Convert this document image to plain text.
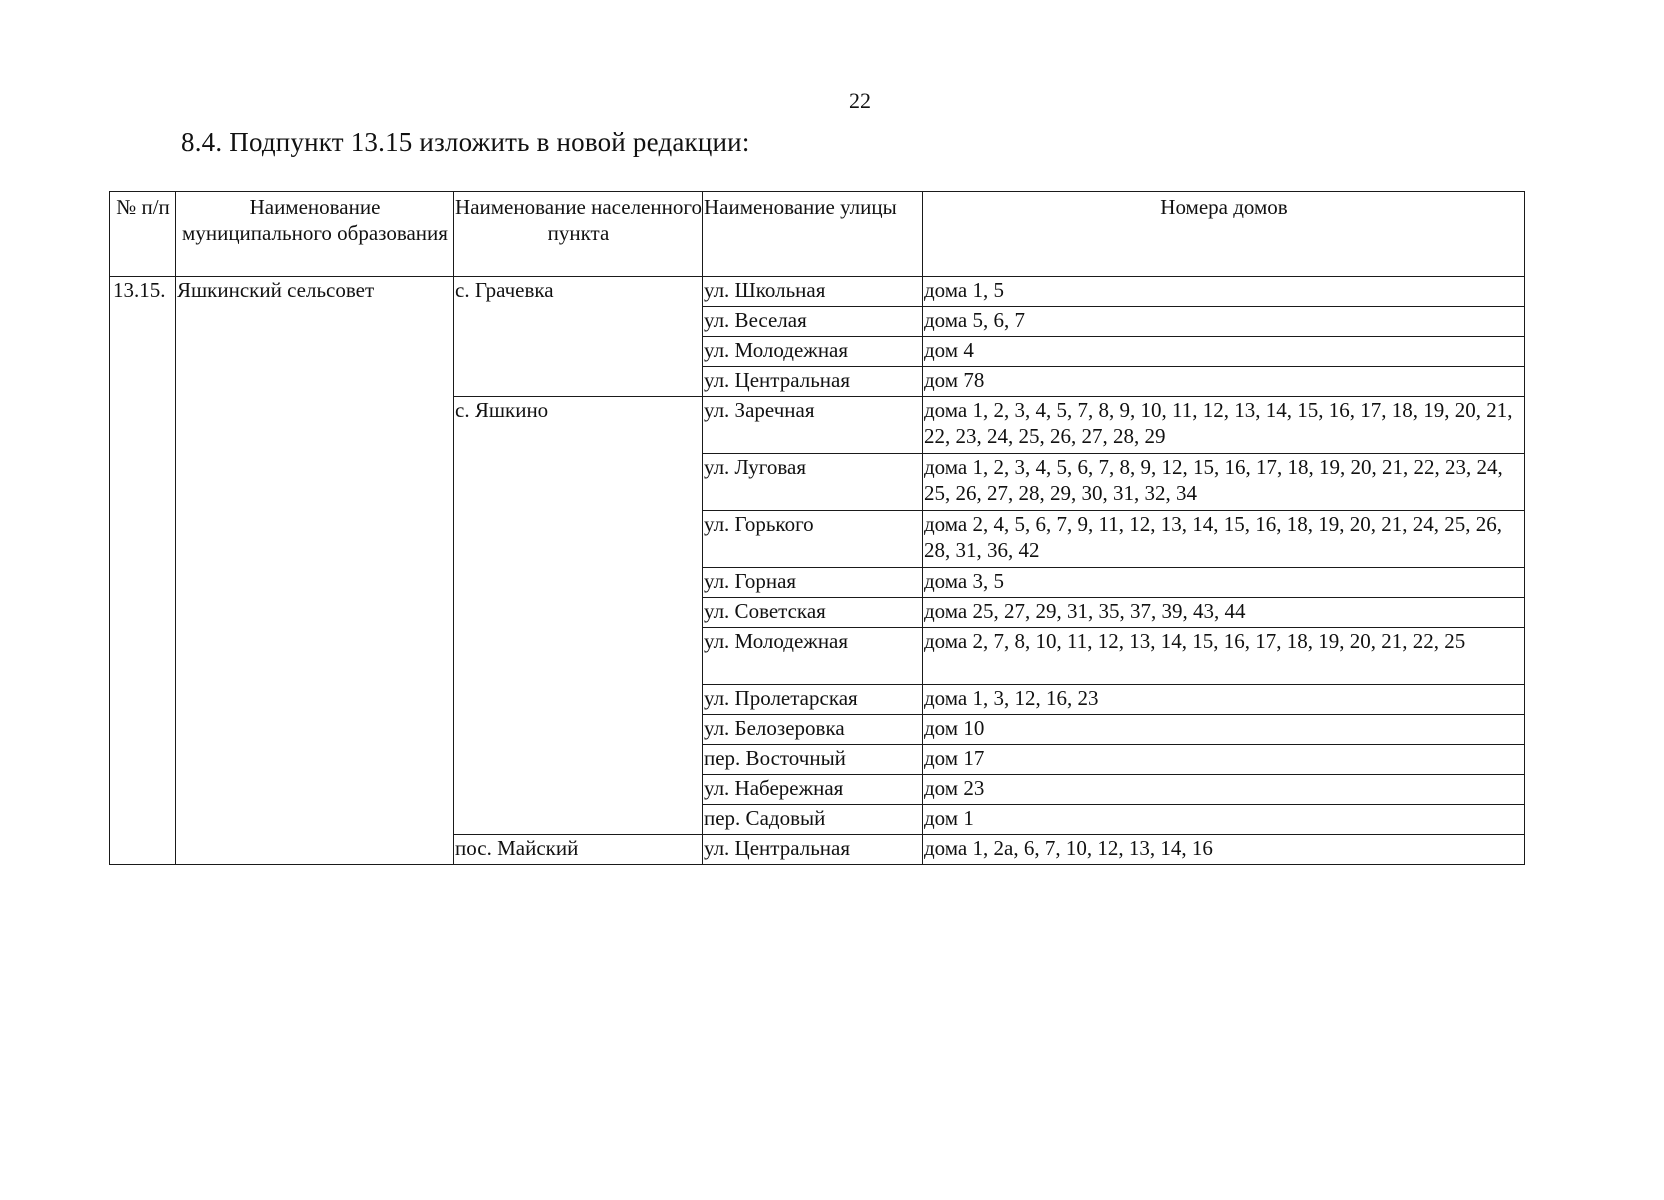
22
8.4. Подпункт 13.15 изложить в новой редакции:
№ п/п	Наименование муниципального образования	Наименование населенного пункта	Наименование улицы	Номера домов
13.15.	Яшкинский сельсовет	с. Грачевка	ул. Школьная	дома 1, 5
			ул. Веселая	дома 5, 6, 7
			ул. Молодежная	дом 4
			ул. Центральная	дом 78
		с. Яшкино	ул. Заречная	дома 1, 2, 3, 4, 5, 7, 8, 9, 10, 11, 12, 13, 14, 15, 16, 17, 18, 19, 20, 21, 22, 23, 24, 25, 26, 27, 28, 29
			ул. Луговая	дома 1, 2, 3, 4, 5, 6, 7, 8, 9, 12, 15, 16, 17, 18, 19, 20, 21, 22, 23, 24, 25, 26, 27, 28, 29, 30, 31, 32, 34
			ул. Горького	дома 2, 4, 5, 6, 7, 9, 11, 12, 13, 14, 15, 16, 18, 19, 20, 21, 24, 25, 26, 28, 31, 36, 42
			ул. Горная	дома 3, 5
			ул. Советская	дома 25, 27, 29, 31, 35, 37, 39, 43, 44
			ул. Молодежная	дома 2, 7, 8, 10, 11, 12, 13, 14, 15, 16, 17, 18, 19, 20, 21, 22, 25
			ул. Пролетарская	дома 1, 3, 12, 16, 23
			ул. Белозеровка	дом 10
			пер. Восточный	дом 17
			ул. Набережная	дом 23
			пер. Садовый	дом 1
		пос. Майский	ул. Центральная	дома 1, 2а, 6, 7, 10, 12, 13, 14, 16
